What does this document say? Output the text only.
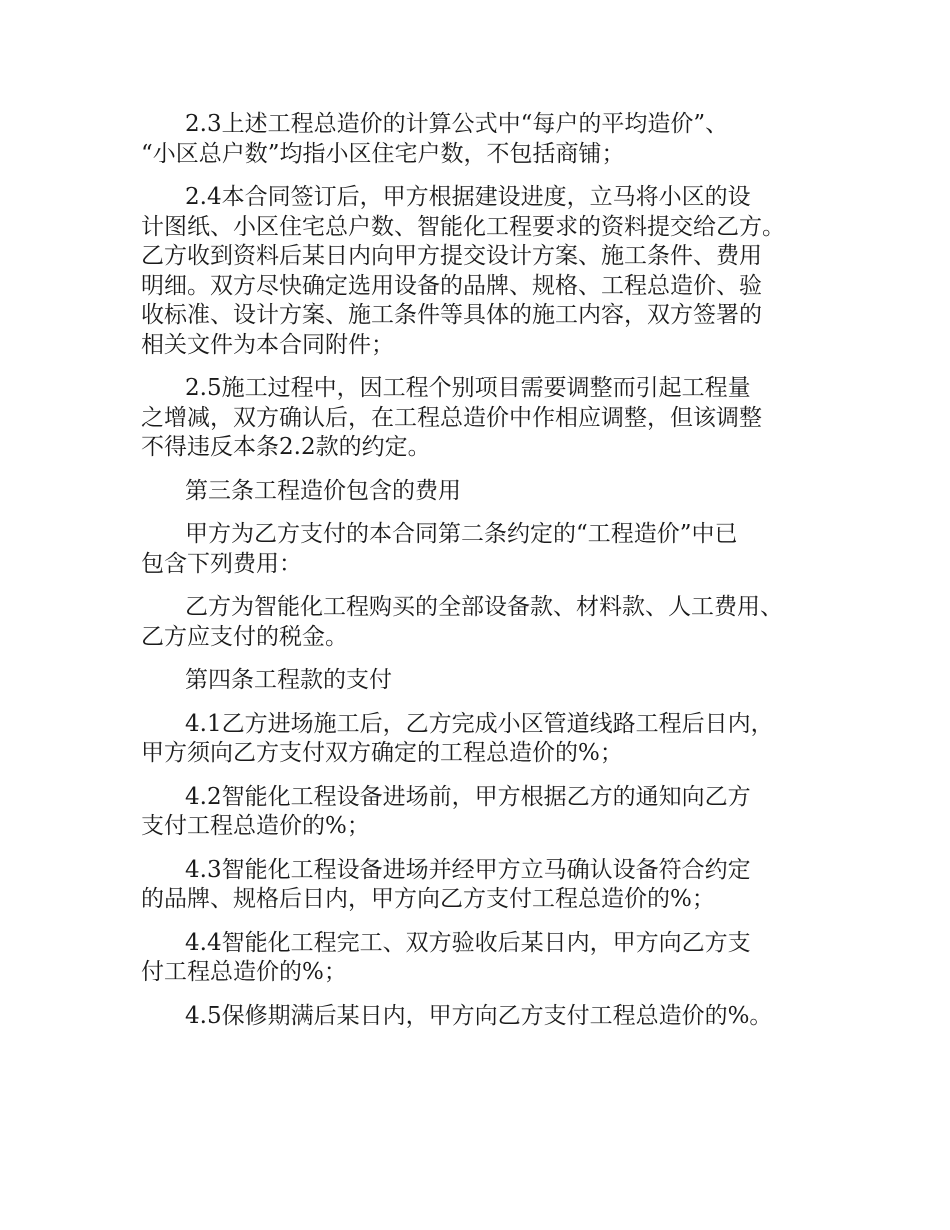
2.3上述工程总造价的计算公式中“每户的平均造价”、
“小区总户数”均指小区住宅户数，不包括商铺；
2.4本合同签订后，甲方根据建设进度，立马将小区的设
计图纸、小区住宅总户数、智能化工程要求的资料提交给乙方。
乙方收到资料后某日内向甲方提交设计方案、施工条件、费用
明细。双方尽快确定选用设备的品牌、规格、工程总造价、验
收标准、设计方案、施工条件等具体的施工内容，双方签署的
相关文件为本合同附件；
2.5施工过程中，因工程个别项目需要调整而引起工程量
之增减，双方确认后，在工程总造价中作相应调整，但该调整
不得违反本条2.2款的约定。
第三条工程造价包含的费用
甲方为乙方支付的本合同第二条约定的“工程造价”中已
包含下列费用：
乙方为智能化工程购买的全部设备款、材料款、人工费用、
乙方应支付的税金。
第四条工程款的支付
4.1乙方进场施工后，乙方完成小区管道线路工程后日内，
甲方须向乙方支付双方确定的工程总造价的%；
4.2智能化工程设备进场前，甲方根据乙方的通知向乙方
支付工程总造价的%；
4.3智能化工程设备进场并经甲方立马确认设备符合约定
的品牌、规格后日内，甲方向乙方支付工程总造价的%；
4.4智能化工程完工、双方验收后某日内，甲方向乙方支
付工程总造价的%；
4.5保修期满后某日内，甲方向乙方支付工程总造价的%。
